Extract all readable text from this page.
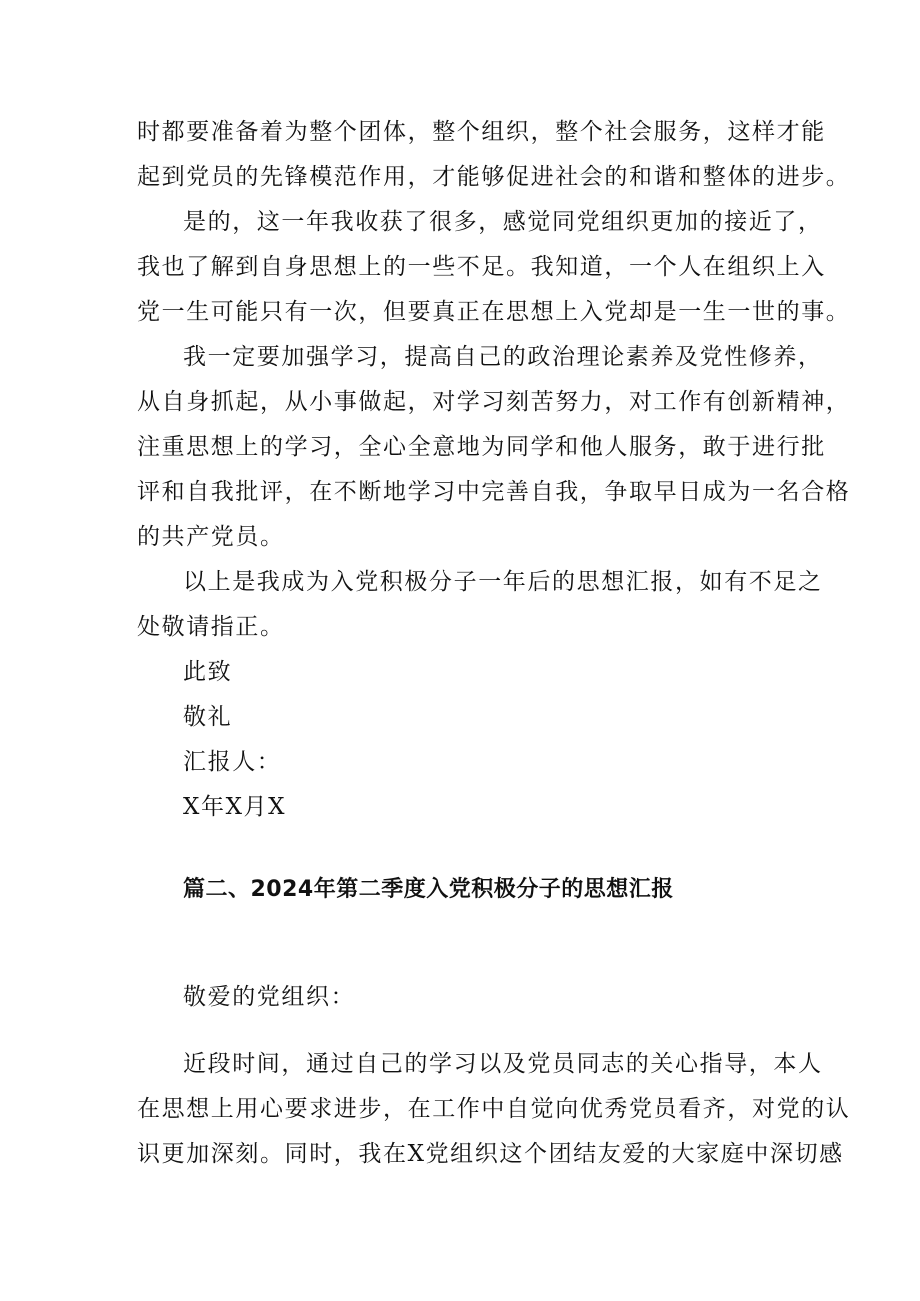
时都要准备着为整个团体，整个组织，整个社会服务，这样才能
起到党员的先锋模范作用，才能够促进社会的和谐和整体的进步。
是的，这一年我收获了很多，感觉同党组织更加的接近了，
我也了解到自身思想上的一些不足。我知道，一个人在组织上入
党一生可能只有一次，但要真正在思想上入党却是一生一世的事。
我一定要加强学习，提高自己的政治理论素养及党性修养，
从自身抓起，从小事做起，对学习刻苦努力，对工作有创新精神，
注重思想上的学习，全心全意地为同学和他人服务，敢于进行批
评和自我批评，在不断地学习中完善自我，争取早日成为一名合格
的共产党员。
以上是我成为入党积极分子一年后的思想汇报，如有不足之
处敬请指正。
此致
敬礼
汇报人：
X年X月X
篇二、2024年第二季度入党积极分子的思想汇报
敬爱的党组织：
近段时间，通过自己的学习以及党员同志的关心指导，本人
在思想上用心要求进步，在工作中自觉向优秀党员看齐，对党的认
识更加深刻。同时，我在X党组织这个团结友爱的大家庭中深切感
